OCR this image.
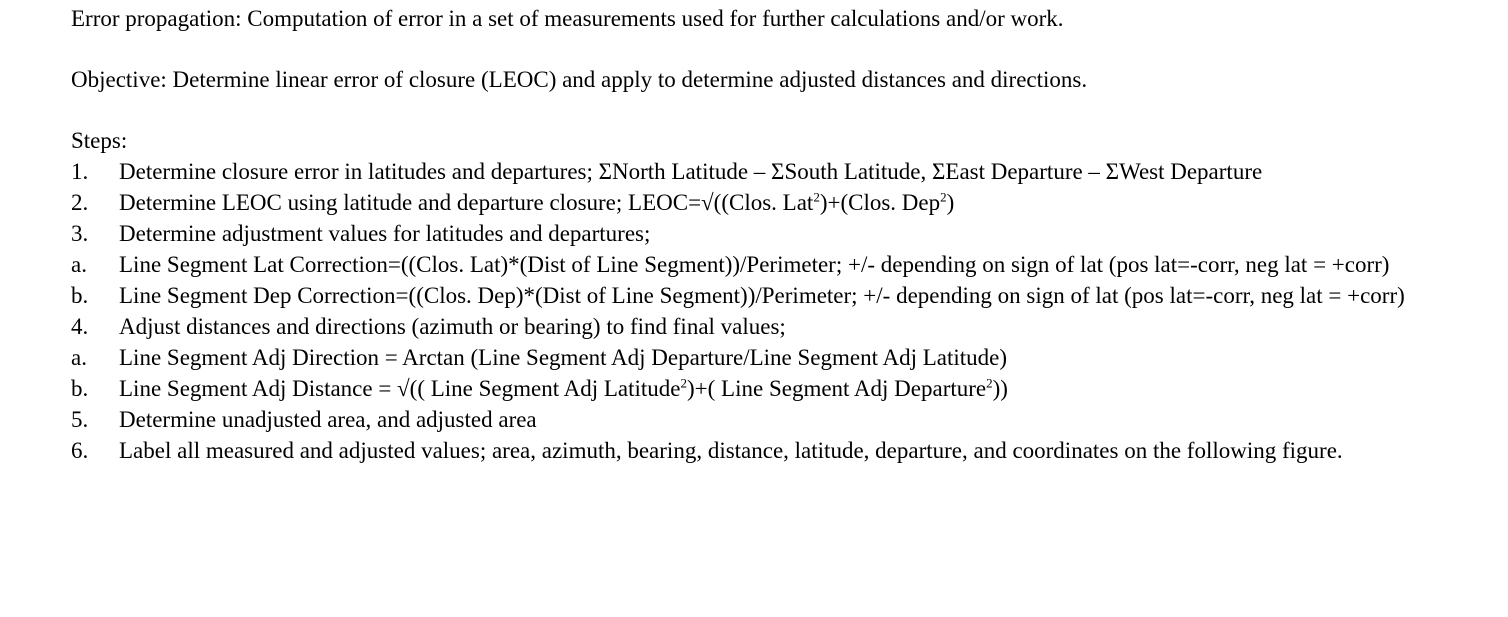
Error propagation: Computation of error in a set of measurements used for further calculations and/or work.

Objective: Determine linear error of closure (LEOC) and apply to determine adjusted distances and directions.

Steps:

1.	Determine closure error in latitudes and departures; ΣNorth Latitude – ΣSouth Latitude, ΣEast Departure – ΣWest Departure
2.	Determine LEOC using latitude and departure closure; LEOC=√((Clos. Lat$^2$)+(Clos. Dep$^2$)
3.	Determine adjustment values for latitudes and departures;
a.	Line Segment Lat Correction=((Clos. Lat)*(Dist of Line Segment))/Perimeter; +/- depending on sign of lat (pos lat=-corr, neg lat = +corr)
b.	Line Segment Dep Correction=((Clos. Dep)*(Dist of Line Segment))/Perimeter; +/- depending on sign of lat (pos lat=-corr, neg lat = +corr)
4.	Adjust distances and directions (azimuth or bearing) to find final values;
a.	Line Segment Adj Direction = Arctan (Line Segment Adj Departure/Line Segment Adj Latitude)
b.	Line Segment Adj Distance = √(( Line Segment Adj Latitude$^2$)+( Line Segment Adj Departure$^2$))
5.	Determine unadjusted area, and adjusted area
6.	Label all measured and adjusted values; area, azimuth, bearing, distance, latitude, departure, and coordinates on the following figure.
